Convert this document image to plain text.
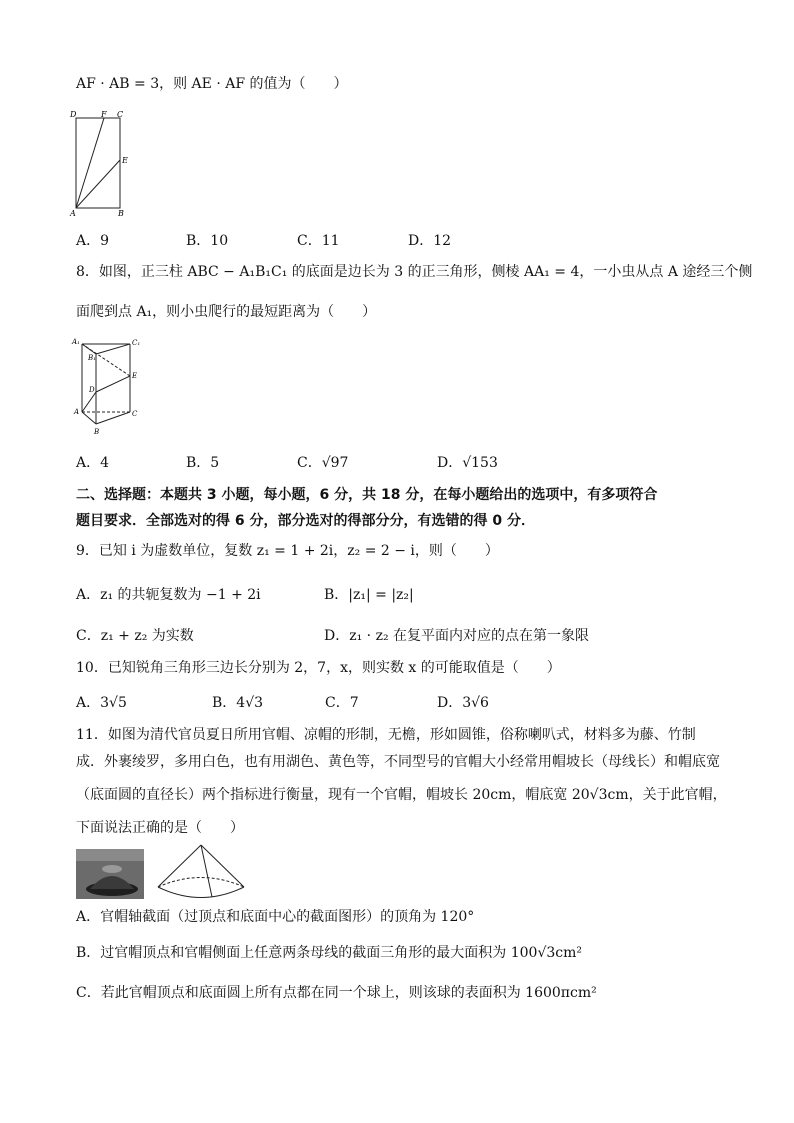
AF · AB = 3，则 AE · AF 的值为（　　）
D	F C
E
A	B
A．9	B．10	C．11	D．12
8．如图，正三柱 ABC − A₁B₁C₁ 的底面是边长为 3 的正三角形，侧棱 AA₁ = 4，一小虫从点 A 途经三个侧
面爬到点 A₁，则小虫爬行的最短距离为（　　）
A₁
B₁
C₁
D
E
A	C
B
A．4	B．5	C．√97	D．√153
二、选择题：本题共 3 小题，每小题，6 分，共 18 分，在每小题给出的选项中，有多项符合
题目要求．全部选对的得 6 分，部分选对的得部分分，有选错的得 0 分．
9．已知 i 为虚数单位，复数 z₁ = 1 + 2i，z₂ = 2 − i，则（　　）
A．z₁ 的共轭复数为 −1 + 2i	B．|z₁| = |z₂|
C．z₁ + z₂ 为实数	D．z₁ · z₂ 在复平面内对应的点在第一象限
10．已知锐角三角形三边长分别为 2，7，x，则实数 x 的可能取值是（　　）
A．3√5	B．4√3	C．7	D．3√6
11．如图为清代官员夏日所用官帽、凉帽的形制，无檐，形如圆锥，俗称喇叭式，材料多为藤、竹制
成．外裹绫罗，多用白色，也有用湖色、黄色等，不同型号的官帽大小经常用帽坡长（母线长）和帽底宽
（底面圆的直径长）两个指标进行衡量，现有一个官帽，帽坡长 20cm，帽底宽 20√3cm，关于此官帽，
下面说法正确的是（　　）
A．官帽轴截面（过顶点和底面中心的截面图形）的顶角为 120°
B．过官帽顶点和官帽侧面上任意两条母线的截面三角形的最大面积为 100√3cm²
C．若此官帽顶点和底面圆上所有点都在同一个球上，则该球的表面积为 1600πcm²
